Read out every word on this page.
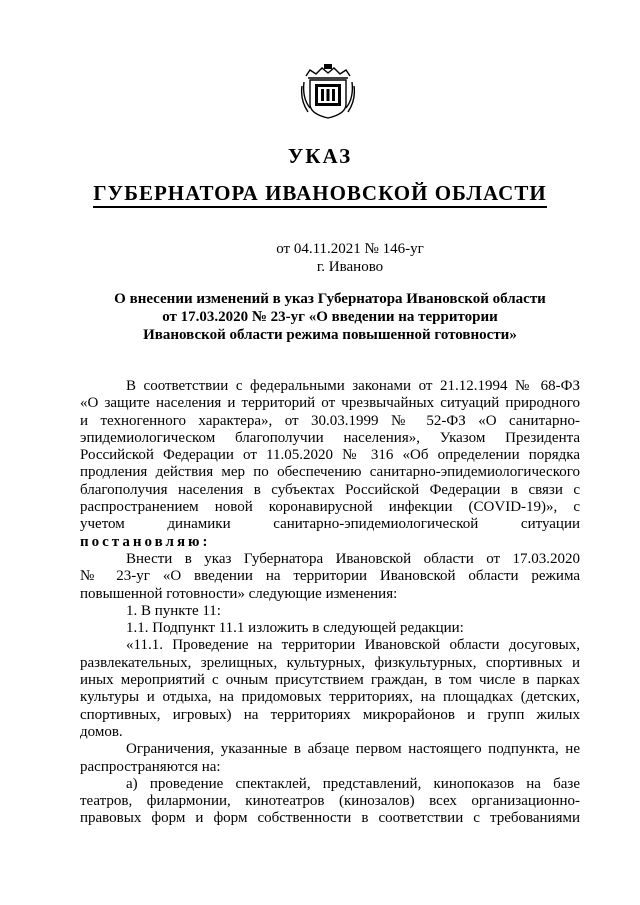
УКАЗ
ГУБЕРНАТОРА ИВАНОВСКОЙ ОБЛАСТИ
от 04.11.2021 № 146-уг
г. Иваново
О внесении изменений в указ Губернатора Ивановской области
от 17.03.2020 № 23-уг «О введении на территории
Ивановской области режима повышенной готовности»
В соответствии с федеральными законами от 21.12.1994 № 68-ФЗ
«О защите населения и территорий от чрезвычайных ситуаций природного
и техногенного характера», от 30.03.1999 № 52-ФЗ «О санитарно-
эпидемиологическом благополучии населения», Указом Президента
Российской Федерации от 11.05.2020 № 316 «Об определении порядка
продления действия мер по обеспечению санитарно-эпидемиологического
благополучия населения в субъектах Российской Федерации в связи с
распространением новой коронавирусной инфекции (COVID-19)», с
учетом динамики санитарно-эпидемиологической ситуации
постановляю:
Внести в указ Губернатора Ивановской области от 17.03.2020
№ 23-уг «О введении на территории Ивановской области режима
повышенной готовности» следующие изменения:
1. В пункте 11:
1.1. Подпункт 11.1 изложить в следующей редакции:
«11.1. Проведение на территории Ивановской области досуговых,
развлекательных, зрелищных, культурных, физкультурных, спортивных и
иных мероприятий с очным присутствием граждан, в том числе в парках
культуры и отдыха, на придомовых территориях, на площадках (детских,
спортивных, игровых) на территориях микрорайонов и групп жилых
домов.
Ограничения, указанные в абзаце первом настоящего подпункта, не
распространяются на:
а) проведение спектаклей, представлений, кинопоказов на базе
театров, филармонии, кинотеатров (кинозалов) всех организационно-
правовых форм и форм собственности в соответствии с требованиями
